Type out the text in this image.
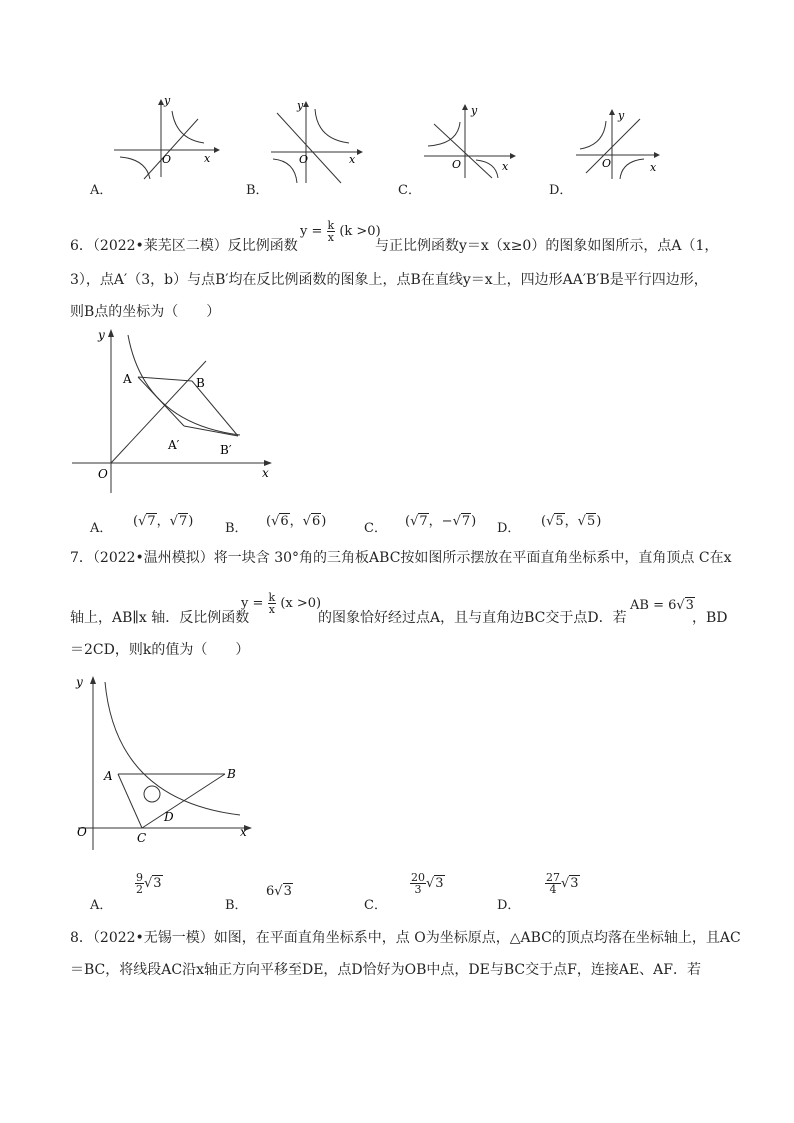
y
x
O
A．
y
x
O
B．
y
x
O
C．
y
x
O
D．
6．（2022•莱芜区二模）反比例函数
$y = \frac{k}{x} (k >0)$
与正比例函数y＝x（x≥0）的图象如图所示，点A（1，
3），点A′（3，b）与点B′均在反比例函数的图象上，点B在直线y＝x上，四边形AA′B′B是平行四边形，
则B点的坐标为（　　）
y
x
O
A	B
A′	B′
A． (√7，√7) B． (√6，√6)	C． (√7，−√7) D． (√5，√5)
7．（2022•温州模拟）将一块含 30°角的三角板ABC按如图所示摆放在平面直角坐标系中，直角顶点 C在x
轴上，AB∥x 轴．反比例函数
$y = \frac{k}{x} (x >0)$
的图象恰好经过点A，且与直角边BC交于点D．若
AB = 6√3
，BD
＝2CD，则k的值为（　　）
y
x
O
A	B
C
D
A．
$\frac{9}{2} √3$
B．
6√3
C．
$\frac{20}{3} √3$
D．
$\frac{27}{4} √3$
8．（2022•无锡一模）如图，在平面直角坐标系中，点 O为坐标原点，△ABC的顶点均落在坐标轴上，且AC
＝BC，将线段AC沿x轴正方向平移至DE，点D恰好为OB中点，DE与BC交于点F，连接AE、AF．若
